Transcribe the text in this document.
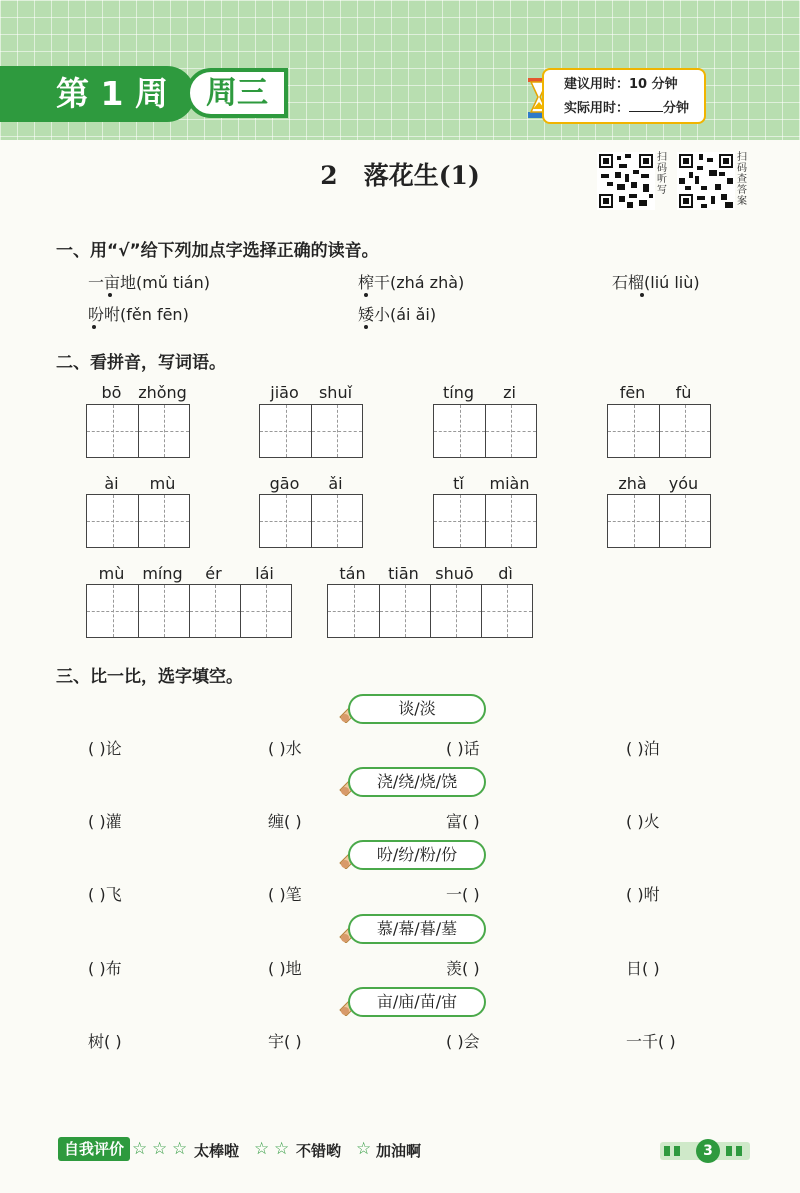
第 1 周	周三	建议用时：10 分钟
实际用时：	分钟
2   落花生(1)
扫码听写
扫码查答案
一、用“√”给下列加点字选择正确的读音。
一亩地(mǔ tián)	榨干(zhá zhà)	石榴(liú liù)
吩咐(fěn fēn)	矮小(ái ǎi)
二、看拼音，写词语。
bō	zhǒng	jiāo	shuǐ	tíng	zi	fēn	fù
ài	mù	gāo	ǎi	tǐ	miàn	zhà	yóu
mù	míng	ér	lái	tán	tiān	shuō	dì
三、比一比，选字填空。
谈/淡
( )论	( )水	( )话	( )泊
浇/绕/烧/饶
( )灌	缠( )	富( )	( )火
吩/纷/粉/份
( )飞	( )笔	一( )	( )咐
慕/幕/暮/墓
( )布	( )地	羡( )	日( )
亩/庙/苗/宙
树( )	宇( )	( )会	一千( )
自我评价 ☆ ☆ ☆ 太棒啦 ☆ ☆ 不错哟 ☆ 加油啊	3
